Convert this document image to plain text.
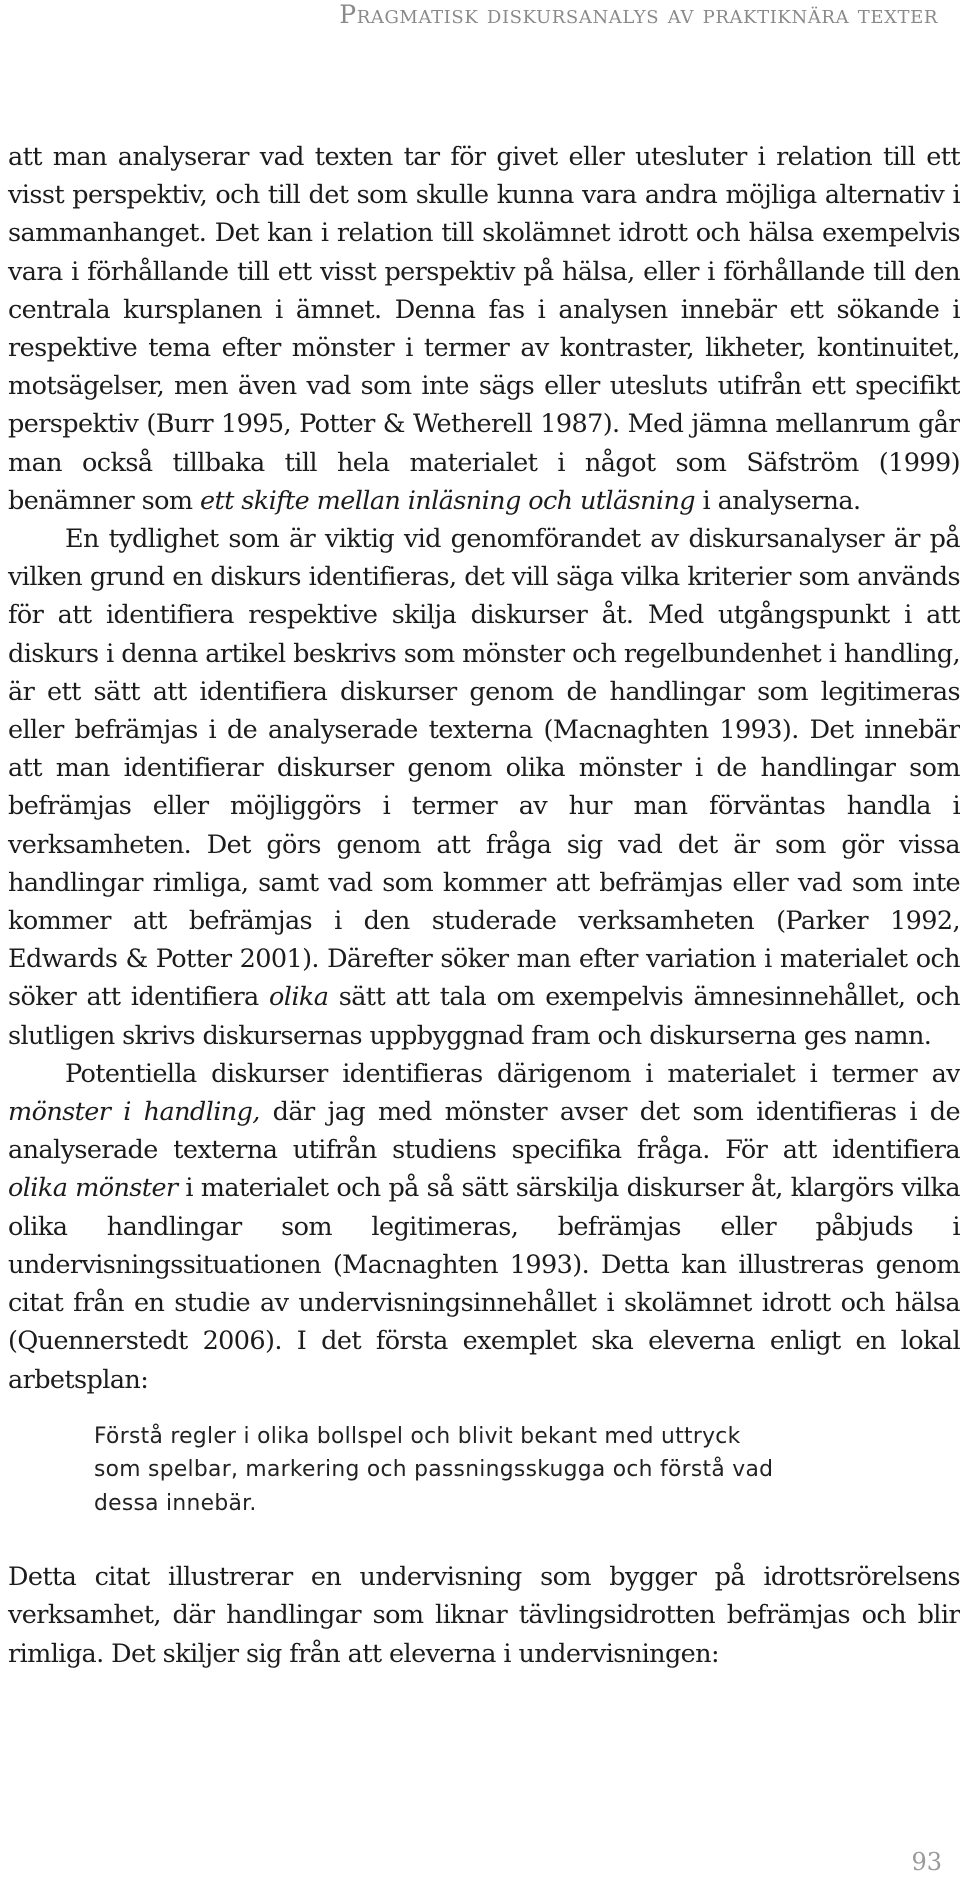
Pragmatisk diskursanalys av praktiknära texter

att man analyserar vad texten tar för givet eller utesluter i relation till ett visst perspektiv, och till det som skulle kunna vara andra möjliga alternativ i sammanhanget. Det kan i relation till skolämnet idrott och hälsa exempelvis vara i förhållande till ett visst perspektiv på hälsa, eller i förhållande till den centrala kursplanen i ämnet. Denna fas i analysen innebär ett sökande i respektive tema efter mönster i termer av kontraster, likheter, kontinuitet, motsägelser, men även vad som inte sägs eller utesluts utifrån ett specifikt perspektiv (Burr 1995, Potter & Wetherell 1987). Med jämna mellanrum går man också tillbaka till hela materialet i något som Säfström (1999) benämner som ett skifte mellan inläsning och utläsning i analyserna.

En tydlighet som är viktig vid genomförandet av diskursanalyser är på vilken grund en diskurs identifieras, det vill säga vilka kriterier som används för att identifiera respektive skilja diskurser åt. Med utgångspunkt i att diskurs i denna artikel beskrivs som mönster och regelbundenhet i handling, är ett sätt att identifiera diskurser genom de handlingar som legitimeras eller befrämjas i de analyserade texterna (Macnaghten 1993). Det innebär att man identifierar diskurser genom olika mönster i de handlingar som befrämjas eller möjliggörs i termer av hur man förväntas handla i verksamheten. Det görs genom att fråga sig vad det är som gör vissa handlingar rimliga, samt vad som kommer att befrämjas eller vad som inte kommer att befrämjas i den studerade verksamheten (Parker 1992, Edwards & Potter 2001). Därefter söker man efter variation i materialet och söker att identifiera olika sätt att tala om exempelvis ämnesinnehållet, och slutligen skrivs diskursernas uppbyggnad fram och diskurserna ges namn.

Potentiella diskurser identifieras därigenom i materialet i termer av mönster i handling, där jag med mönster avser det som identifieras i de analyserade texterna utifrån studiens specifika fråga. För att identifiera olika mönster i materialet och på så sätt särskilja diskurser åt, klargörs vilka olika handlingar som legitimeras, befrämjas eller påbjuds i undervisningssituationen (Macnaghten 1993). Detta kan illustreras genom citat från en studie av undervisningsinnehållet i skolämnet idrott och hälsa (Quennerstedt 2006). I det första exemplet ska eleverna enligt en lokal arbetsplan:

Förstå regler i olika bollspel och blivit bekant med uttryck
som spelbar, markering och passningsskugga och förstå vad
dessa innebär.

Detta citat illustrerar en undervisning som bygger på idrottsrörelsens verksamhet, där handlingar som liknar tävlingsidrotten befrämjas och blir rimliga. Det skiljer sig från att eleverna i undervisningen:

93
